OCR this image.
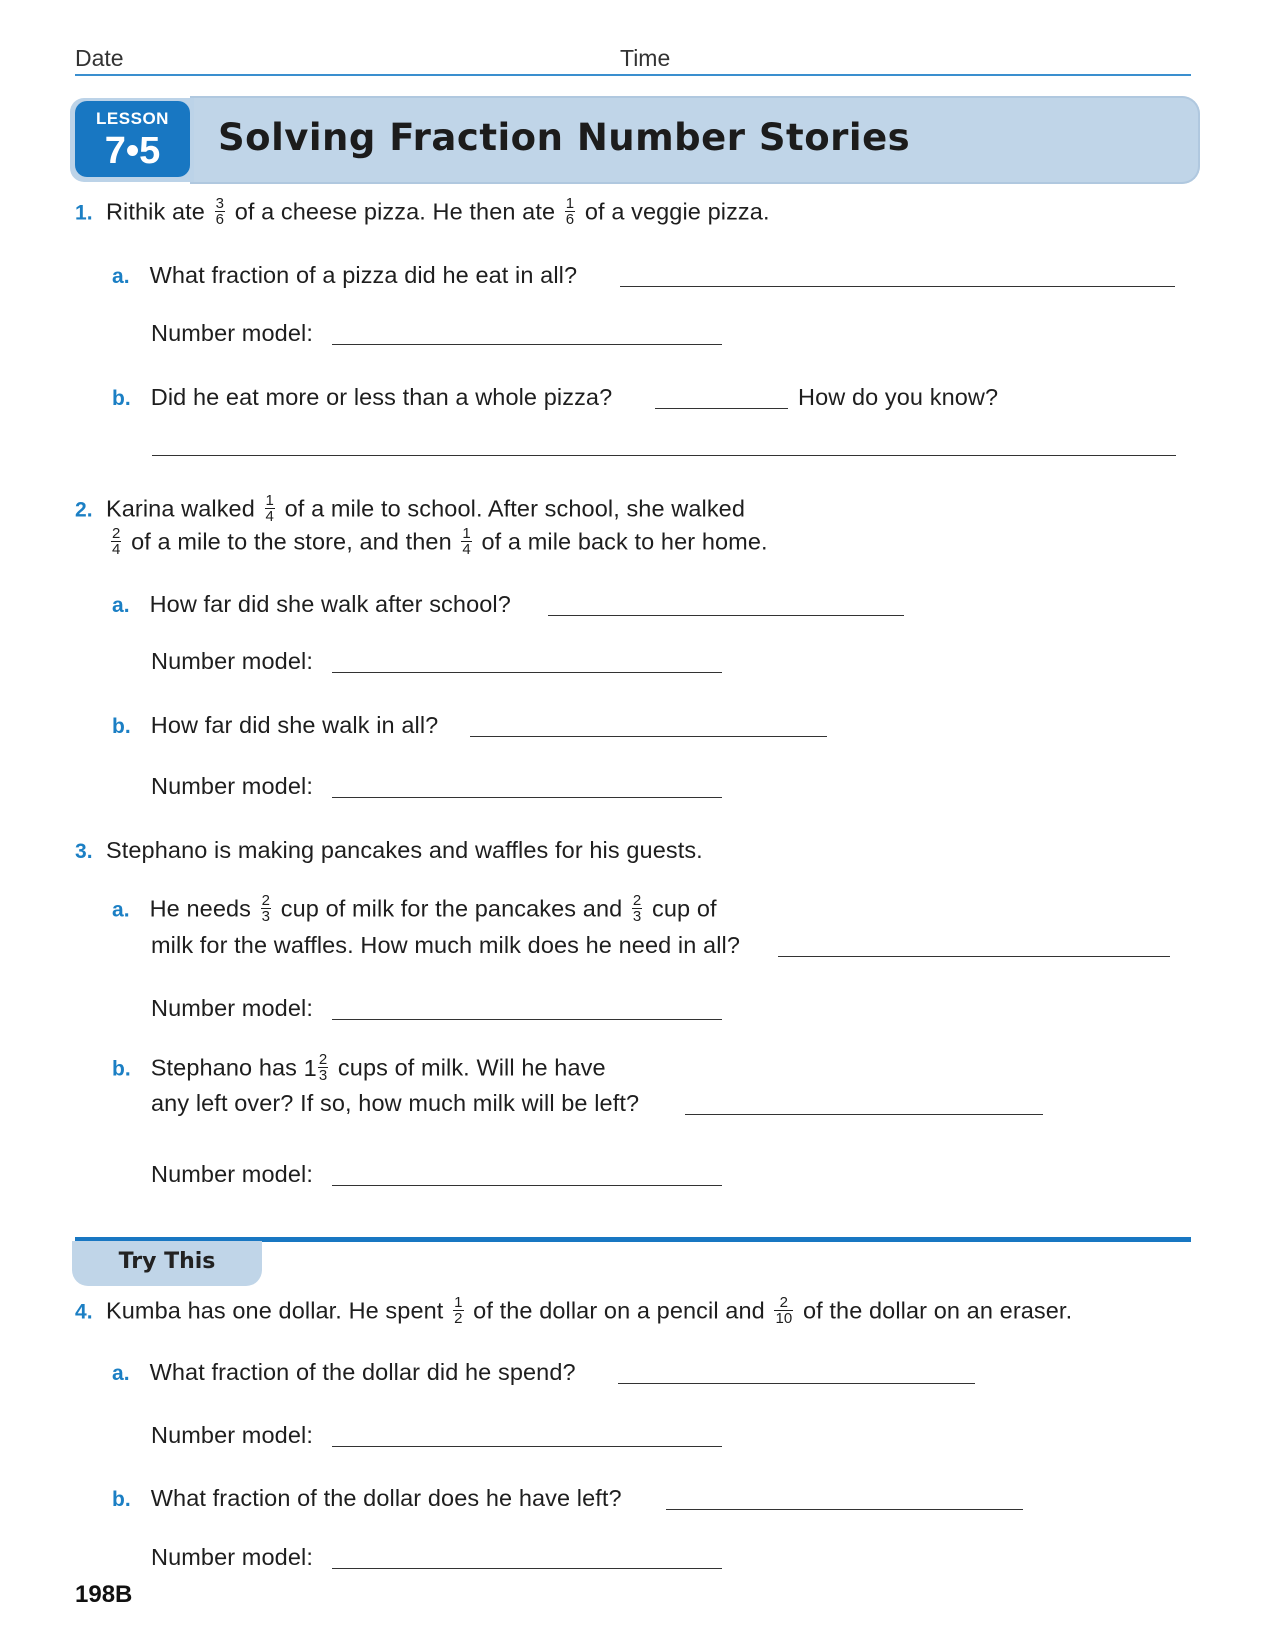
Date	Time
LESSON
7•5	Solving Fraction Number Stories
1. Rithik ate $\frac{3}{6}$ of a cheese pizza. He then ate $\frac{1}{6}$ of a veggie pizza.
a. What fraction of a pizza did he eat in all?
Number model:
b. Did he eat more or less than a whole pizza?	How do you know?
2. Karina walked $\frac{1}{4}$ of a mile to school. After school, she walked
$\frac{2}{4}$ of a mile to the store, and then $\frac{1}{4}$ of a mile back to her home.
a. How far did she walk after school?
Number model:
b. How far did she walk in all?
Number model:
3. Stephano is making pancakes and waffles for his guests.
a. He needs $\frac{2}{3}$ cup of milk for the pancakes and $\frac{2}{3}$ cup of
milk for the waffles. How much milk does he need in all?
Number model:
b. Stephano has $1 \frac{2}{3}$ cups of milk. Will he have
any left over? If so, how much milk will be left?
Number model:
Try This
4. Kumba has one dollar. He spent $\frac{1}{2}$ of the dollar on a pencil and $\frac{2}{10}$ of the dollar on an eraser.
a. What fraction of the dollar did he spend?
Number model:
b. What fraction of the dollar does he have left?
Number model:
198B
